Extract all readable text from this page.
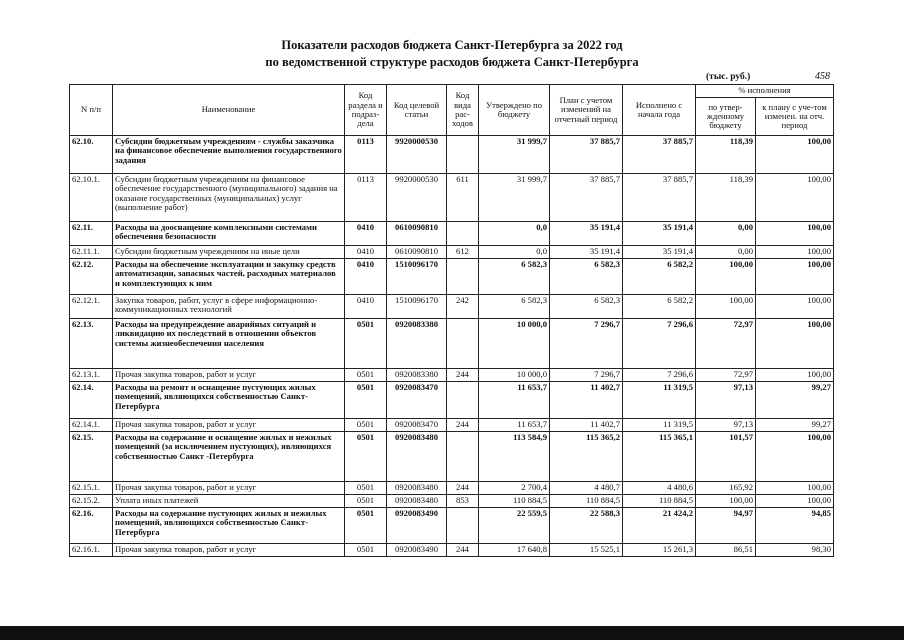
Показатели расходов бюджета Санкт-Петербурга за 2022 год
по ведомственной структуре расходов бюджета Санкт-Петербурга
(тыс. руб.)	458
N п/п	Наименование	Код раздела и подраз-дела	Код целевой статьи	Код вида рас-ходов	Утверждено по бюджету	План с учетом изменений на отчетный период	Исполнено с начала года	% исполнения	
								по утвер-жденному бюджету	к плану с уче-том изменен. на отч. период
62.10.	Субсидии бюджетным учреждениям - службы заказчика на финансовое обеспечение выполнения государственного задания	0113	9920000530		31 999,7	37 885,7	37 885,7	118,39	100,00
62.10.1.	Субсидии бюджетным учреждениям на финансовое обеспечение государственного (муниципального) задания на оказание государственных (муниципальных) услуг (выполнение работ)	0113	9920000530	611	31 999,7	37 885,7	37 885,7	118,39	100,00
62.11.	Расходы на дооснащение комплексными системами обеспечения безопасности	0410	0610090810		0,0	35 191,4	35 191,4	0,00	100,00
62.11.1.	Субсидии бюджетным учреждениям на иные цели	0410	0610090810	612	0,0	35 191,4	35 191,4	0,00	100,00
62.12.	Расходы на обеспечение эксплуатации и закупку средств автоматизации, запасных частей, расходных материалов и комплектующих к ним	0410	1510096170		6 582,3	6 582,3	6 582,2	100,00	100,00
62.12.1.	Закупка товаров, работ, услуг в сфере информационно-коммуникационных технологий	0410	1510096170	242	6 582,3	6 582,3	6 582,2	100,00	100,00
62.13.	Расходы на предупреждение аварийных ситуаций и ликвидацию их последствий в отношении объектов системы жизнеобеспечения населения	0501	0920083380		10 000,0	7 296,7	7 296,6	72,97	100,00
62.13.1.	Прочая закупка товаров, работ и услуг	0501	0920083380	244	10 000,0	7 296,7	7 296,6	72,97	100,00
62.14.	Расходы на ремонт и оснащение пустующих жилых помещений, являющихся собственностью Санкт-Петербурга	0501	0920083470		11 653,7	11 402,7	11 319,5	97,13	99,27
62.14.1.	Прочая закупка товаров, работ и услуг	0501	0920083470	244	11 653,7	11 402,7	11 319,5	97,13	99,27
62.15.	Расходы на содержание и оснащение жилых и нежилых помещений (за исключением пустующих), являющихся собственностью Санкт -Петербурга	0501	0920083480		113 584,9	115 365,2	115 365,1	101,57	100,00
62.15.1.	Прочая закупка товаров, работ и услуг	0501	0920083480	244	2 700,4	4 480,7	4 480,6	165,92	100,00
62.15.2.	Уплата иных платежей	0501	0920083480	853	110 884,5	110 884,5	110 884,5	100,00	100,00
62.16.	Расходы на содержание пустующих жилых и нежилых помещений, являющихся собственностью Санкт-Петербурга	0501	0920083490		22 559,5	22 588,3	21 424,2	94,97	94,85
62.16.1.	Прочая закупка товаров, работ и услуг	0501	0920083490	244	17 640,8	15 525,1	15 261,3	86,51	98,30
